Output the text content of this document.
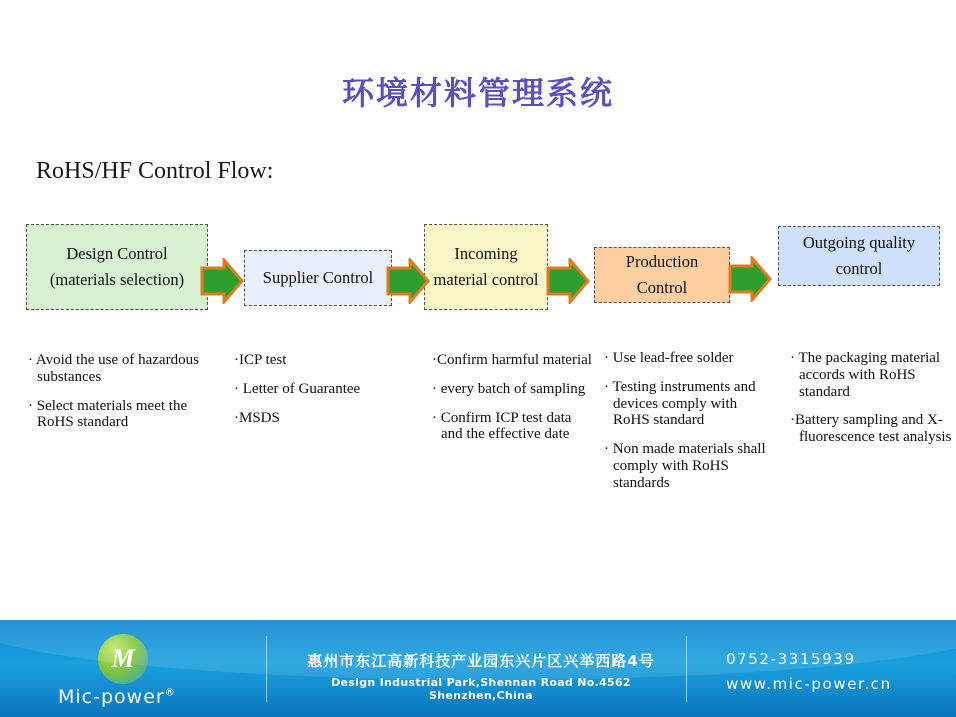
环境材料管理系统
RoHS/HF Control Flow:
Design Control (materials selection)	Supplier Control
Incoming material control
Production Control
Outgoing quality control
· Avoid the use of hazardous substances
· Select materials meet the RoHS standard
·ICP test
· Letter of Guarantee
·MSDS
·Confirm harmful material
· every batch of sampling
· Confirm ICP test data and the effective date
· Use lead-free solder
· Testing instruments and devices comply with RoHS standard
· Non made materials shall comply with RoHS standards
· The packaging material accords with RoHS standard
·Battery sampling and X-fluorescence test analysis
M
Mic-power®
惠州市东江高新科技产业园东兴片区兴举西路4号
Design Industrial Park,Shennan Road No.4562 Shenzhen,China
0752-3315939
www.mic-power.cn
